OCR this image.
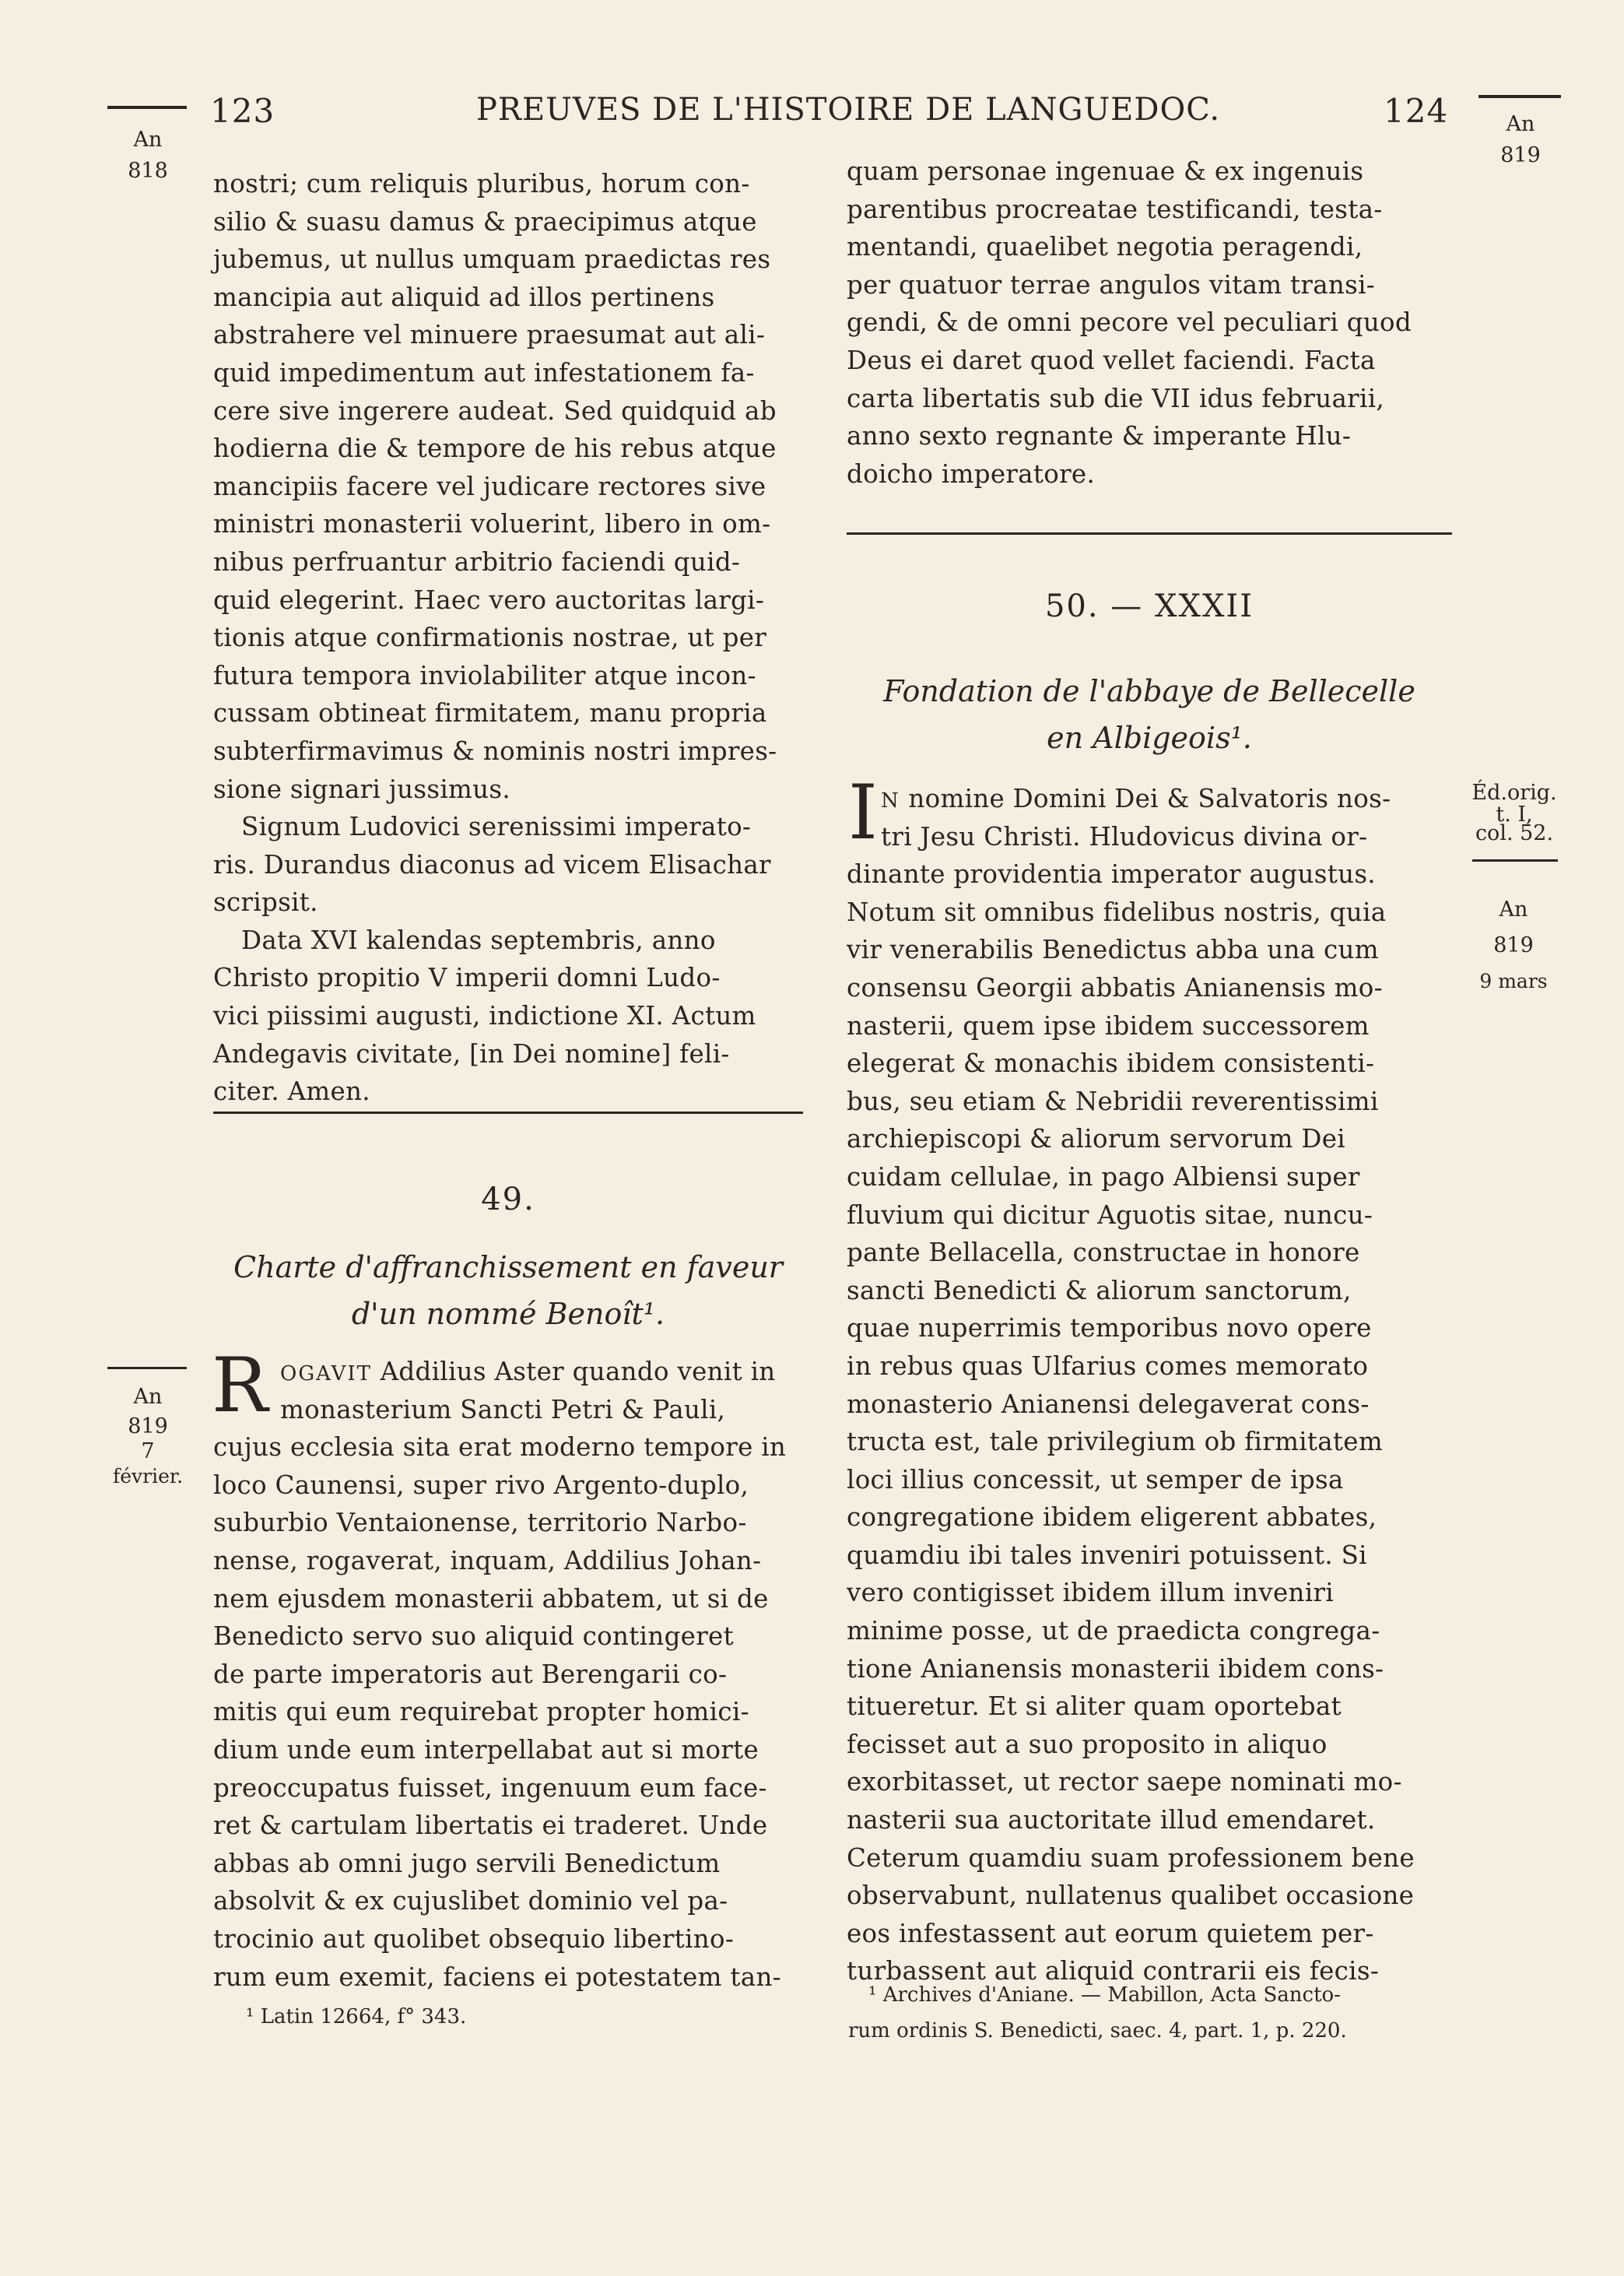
123	PREUVES DE L'HISTOIRE DE LANGUEDOC.	124
An
818
An
819
An
819
7
février.
Éd.orig.
t. I,
col. 52.
An
819
9 mars
nostri; cum reliquis pluribus, horum con-
silio & suasu damus & praecipimus atque
jubemus, ut nullus umquam praedictas res
mancipia aut aliquid ad illos pertinens
abstrahere vel minuere praesumat aut ali-
quid impedimentum aut infestationem fa-
cere sive ingerere audeat. Sed quidquid ab
hodierna die & tempore de his rebus atque
mancipiis facere vel judicare rectores sive
ministri monasterii voluerint, libero in om-
nibus perfruantur arbitrio faciendi quid-
quid elegerint. Haec vero auctoritas largi-
tionis atque confirmationis nostrae, ut per
futura tempora inviolabiliter atque incon-
cussam obtineat firmitatem, manu propria
subterfirmavimus & nominis nostri impres-
sione signari jussimus.
Signum Ludovici serenissimi imperato-
ris. Durandus diaconus ad vicem Elisachar
scripsit.
Data XVI kalendas septembris, anno
Christo propitio V imperii domni Ludo-
vici piissimi augusti, indictione XI. Actum
Andegavis civitate, [in Dei nomine] feli-
citer. Amen.
49.
Charte d'affranchissement en faveur
d'un nommé Benoît¹.
R OGAVIT Addilius Aster quando venit in
monasterium Sancti Petri & Pauli,
cujus ecclesia sita erat moderno tempore in
loco Caunensi, super rivo Argento-duplo,
suburbio Ventaionense, territorio Narbo-
nense, rogaverat, inquam, Addilius Johan-
nem ejusdem monasterii abbatem, ut si de
Benedicto servo suo aliquid contingeret
de parte imperatoris aut Berengarii co-
mitis qui eum requirebat propter homici-
dium unde eum interpellabat aut si morte
preoccupatus fuisset, ingenuum eum face-
ret & cartulam libertatis ei traderet. Unde
abbas ab omni jugo servili Benedictum
absolvit & ex cujuslibet dominio vel pa-
trocinio aut quolibet obsequio libertino-
rum eum exemit, faciens ei potestatem tan-
¹ Latin 12664, f° 343.
quam personae ingenuae & ex ingenuis
parentibus procreatae testificandi, testa-
mentandi, quaelibet negotia peragendi,
per quatuor terrae angulos vitam transi-
gendi, & de omni pecore vel peculiari quod
Deus ei daret quod vellet faciendi. Facta
carta libertatis sub die VII idus februarii,
anno sexto regnante & imperante Hlu-
doicho imperatore.
50. — XXXII
Fondation de l'abbaye de Bellecelle
en Albigeois¹.
I N nomine Domini Dei & Salvatoris nos-
tri Jesu Christi. Hludovicus divina or-
dinante providentia imperator augustus.
Notum sit omnibus fidelibus nostris, quia
vir venerabilis Benedictus abba una cum
consensu Georgii abbatis Anianensis mo-
nasterii, quem ipse ibidem successorem
elegerat & monachis ibidem consistenti-
bus, seu etiam & Nebridii reverentissimi
archiepiscopi & aliorum servorum Dei
cuidam cellulae, in pago Albiensi super
fluvium qui dicitur Aguotis sitae, nuncu-
pante Bellacella, constructae in honore
sancti Benedicti & aliorum sanctorum,
quae nuperrimis temporibus novo opere
in rebus quas Ulfarius comes memorato
monasterio Anianensi delegaverat cons-
tructa est, tale privilegium ob firmitatem
loci illius concessit, ut semper de ipsa
congregatione ibidem eligerent abbates,
quamdiu ibi tales inveniri potuissent. Si
vero contigisset ibidem illum inveniri
minime posse, ut de praedicta congrega-
tione Anianensis monasterii ibidem cons-
titueretur. Et si aliter quam oportebat
fecisset aut a suo proposito in aliquo
exorbitasset, ut rector saepe nominati mo-
nasterii sua auctoritate illud emendaret.
Ceterum quamdiu suam professionem bene
observabunt, nullatenus qualibet occasione
eos infestassent aut eorum quietem per-
turbassent aut aliquid contrarii eis fecis-
¹ Archives d'Aniane. — Mabillon, Acta Sancto-
rum ordinis S. Benedicti, saec. 4, part. 1, p. 220.
